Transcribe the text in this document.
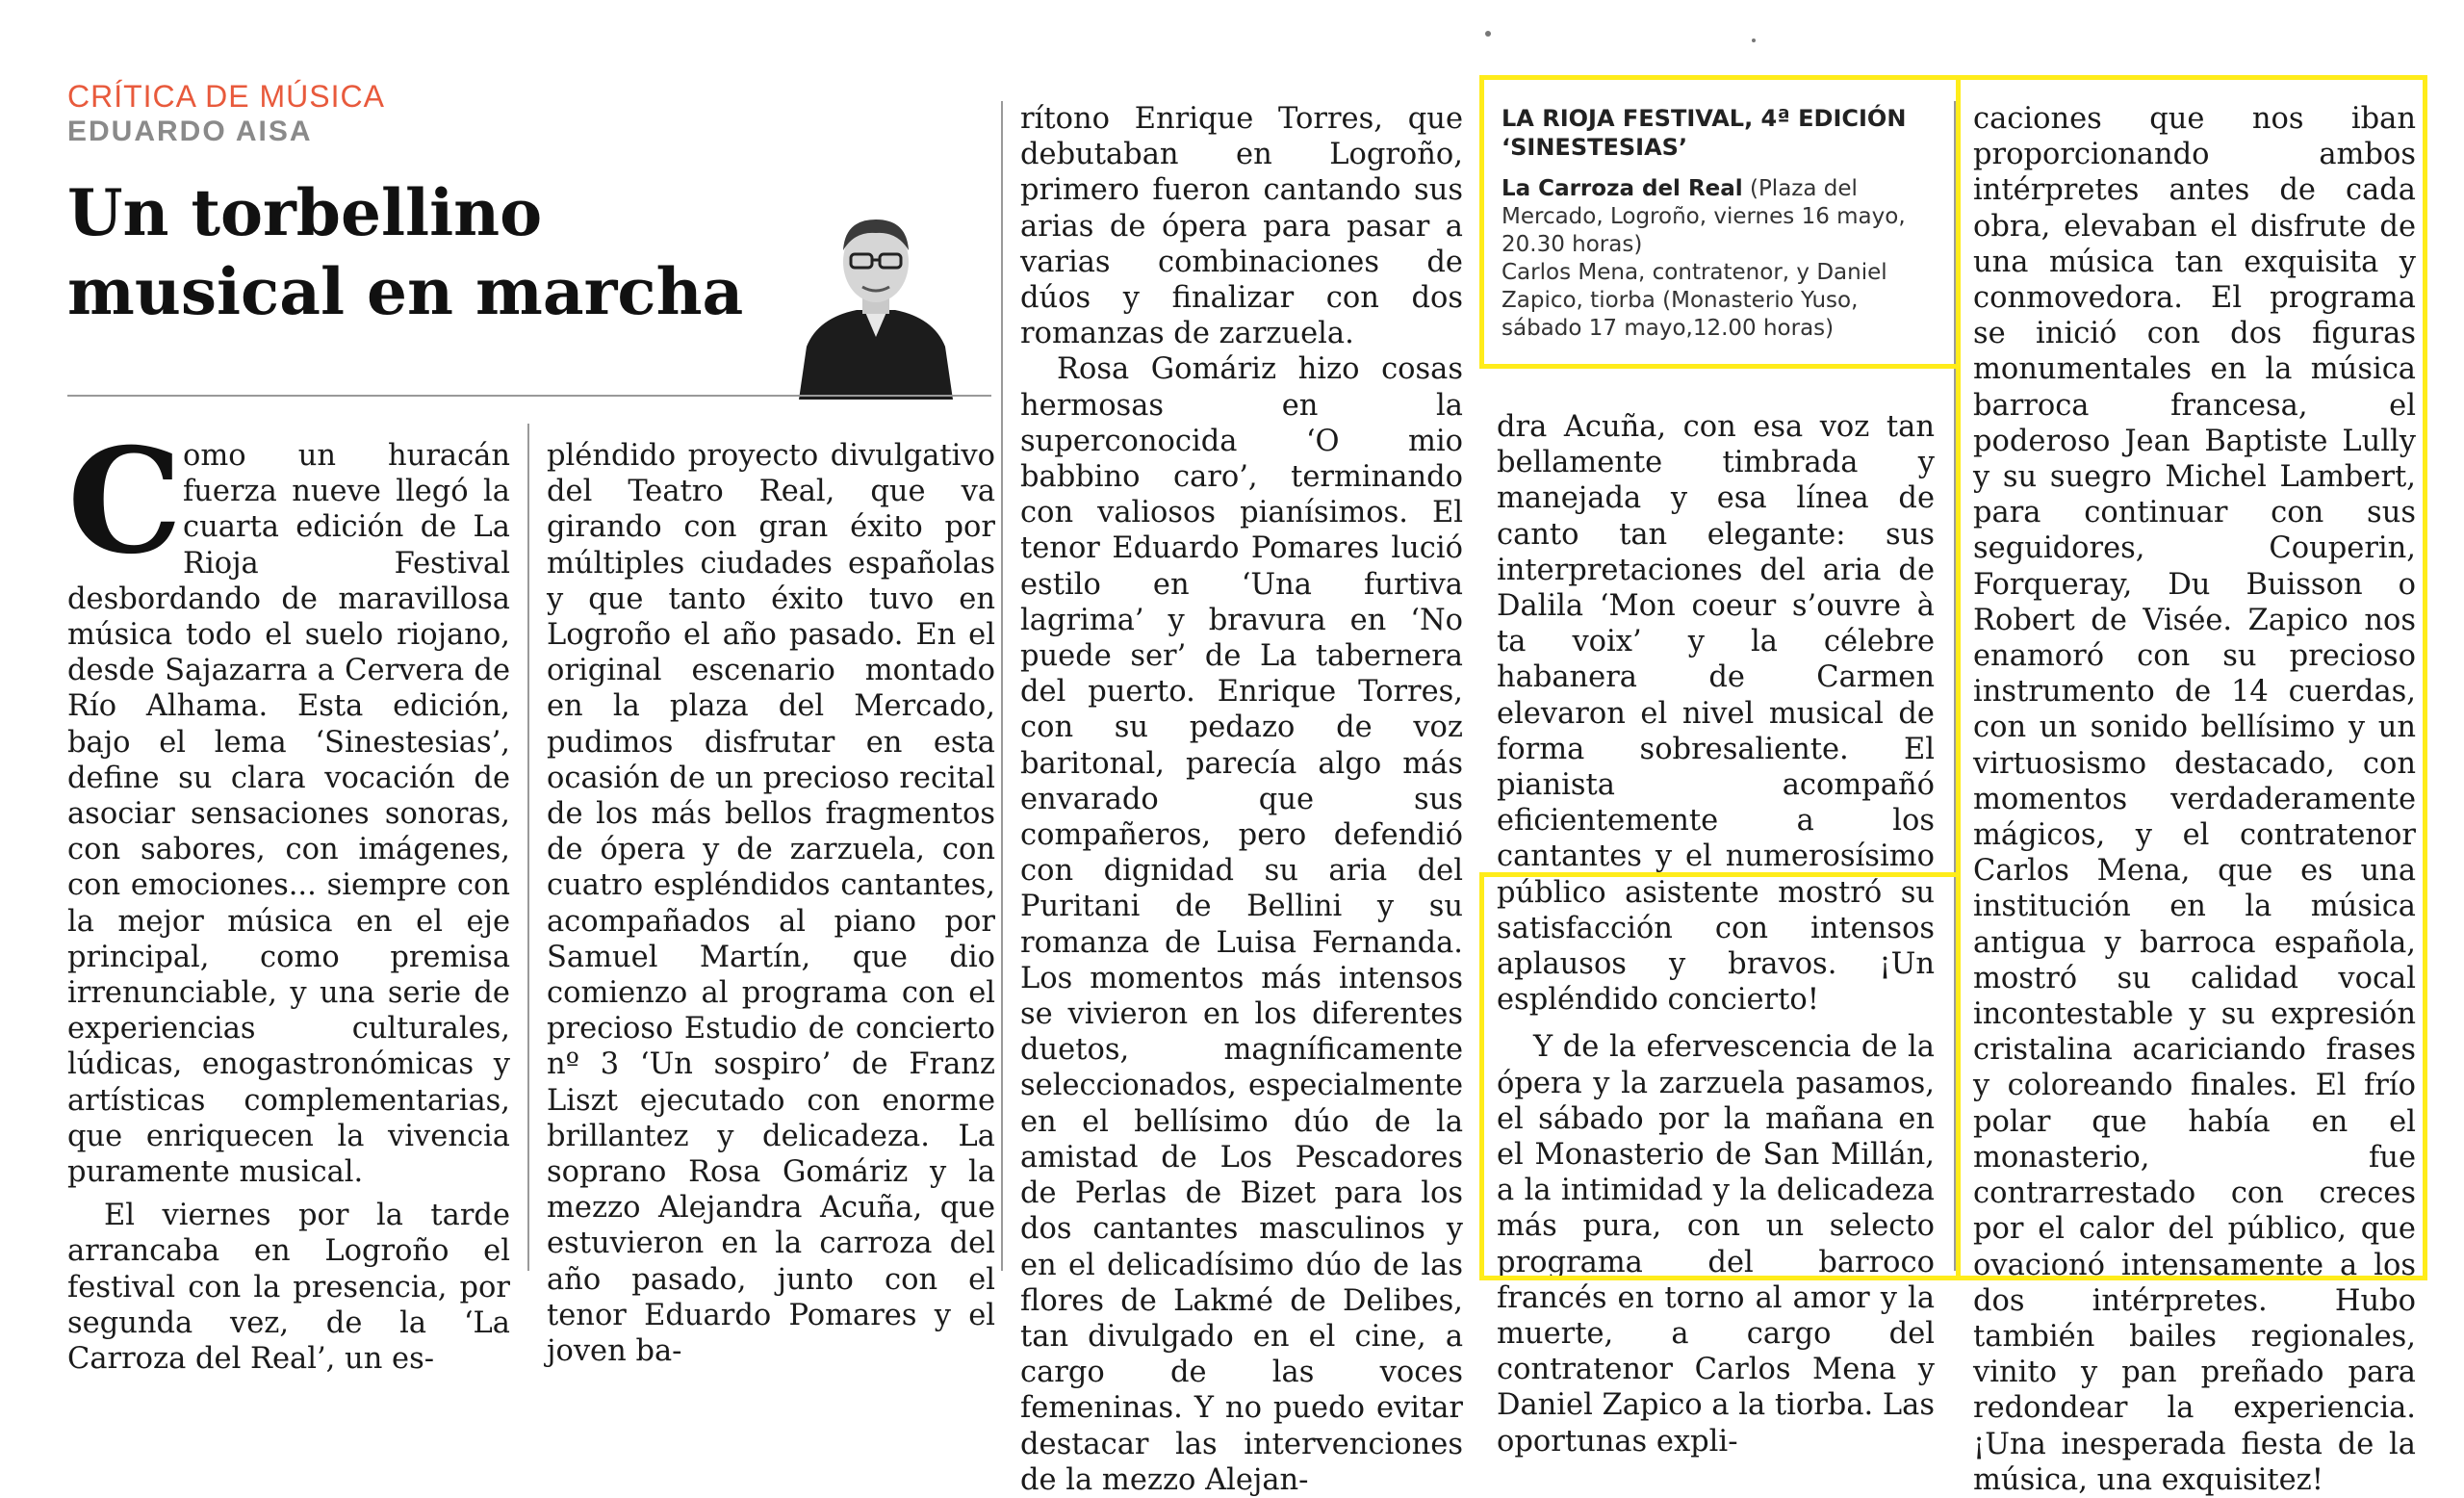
CRÍTICA DE MÚSICA
EDUARDO AISA
Un torbellino musical en marcha
C omo un huracán fuerza nueve llegó la cuarta edición de La Rioja Festival desbordando de maravillosa música todo el suelo riojano, desde Sajazarra a Cervera de Río Alhama. Esta edición, bajo el lema ‘Sinestesias’, define su clara vocación de asociar sensaciones sonoras, con sabores, con imágenes, con emociones... siempre con la mejor música en el eje principal, como premisa irrenunciable, y una serie de experiencias culturales, lúdicas, enogastronómicas y artísticas complementarias, que enriquecen la vivencia puramente musical.

El viernes por la tarde arrancaba en Logroño el festival con la presencia, por segunda vez, de la ‘La Carroza del Real’, un es-

pléndido proyecto divulgativo del Teatro Real, que va girando con gran éxito por múltiples ciudades españolas y que tanto éxito tuvo en Logroño el año pasado. En el original escenario montado en la plaza del Mercado, pudimos disfrutar en esta ocasión de un precioso recital de los más bellos fragmentos de ópera y de zarzuela, con cuatro espléndidos cantantes, acompañados al piano por Samuel Martín, que dio comienzo al programa con el precioso Estudio de concierto nº 3 ‘Un sospiro’ de Franz Liszt ejecutado con enorme brillantez y delicadeza. La soprano Rosa Gomáriz y la mezzo Alejandra Acuña, que estuvieron en la carroza del año pasado, junto con el tenor Eduardo Pomares y el joven ba-

rítono Enrique Torres, que debutaban en Logroño, primero fueron cantando sus arias de ópera para pasar a varias combinaciones de dúos y finalizar con dos romanzas de zarzuela.

Rosa Gomáriz hizo cosas hermosas en la superconocida ‘O mio babbino caro’, terminando con valiosos pianísimos. El tenor Eduardo Pomares lució estilo en ‘Una furtiva lagrima’ y bravura en ‘No puede ser’ de La tabernera del puerto. Enrique Torres, con su pedazo de voz baritonal, parecía algo más envarado que sus compañeros, pero defendió con dignidad su aria del Puritani de Bellini y su romanza de Luisa Fernanda. Los momentos más intensos se vivieron en los diferentes duetos, magníficamente seleccionados, especialmente en el bellísimo dúo de la amistad de Los Pescadores de Perlas de Bizet para los dos cantantes masculinos y en el delicadísimo dúo de las flores de Lakmé de Delibes, tan divulgado en el cine, a cargo de las voces femeninas. Y no puedo evitar destacar las intervenciones de la mezzo Alejan-

LA RIOJA FESTIVAL, 4ª EDICIÓN ‘SINESTESIAS’
La Carroza del Real (Plaza del Mercado, Logroño, viernes 16 mayo, 20.30 horas)
Carlos Mena, contratenor, y Daniel Zapico, tiorba (Monasterio Yuso, sábado 17 mayo,12.00 horas)

dra Acuña, con esa voz tan bellamente timbrada y manejada y esa línea de canto tan elegante: sus interpretaciones del aria de Dalila ‘Mon coeur s’ouvre à ta voix’ y la célebre habanera de Carmen elevaron el nivel musical de forma sobresaliente. El pianista acompañó eficientemente a los cantantes y el numerosísimo público asistente mostró su satisfacción con intensos aplausos y bravos. ¡Un espléndido concierto!

Y de la efervescencia de la ópera y la zarzuela pasamos, el sábado por la mañana en el Monasterio de San Millán, a la intimidad y la delicadeza más pura, con un selecto programa del barroco francés en torno al amor y la muerte, a cargo del contratenor Carlos Mena y Daniel Zapico a la tiorba. Las oportunas expli-

caciones que nos iban proporcionando ambos intérpretes antes de cada obra, elevaban el disfrute de una música tan exquisita y conmovedora. El programa se inició con dos figuras monumentales en la música barroca francesa, el poderoso Jean Baptiste Lully y su suegro Michel Lambert, para continuar con sus seguidores, Couperin, Forqueray, Du Buisson o Robert de Visée. Zapico nos enamoró con su precioso instrumento de 14 cuerdas, con un sonido bellísimo y un virtuosismo destacado, con momentos verdaderamente mágicos, y el contratenor Carlos Mena, que es una institución en la música antigua y barroca española, mostró su calidad vocal incontestable y su expresión cristalina acariciando frases y coloreando finales. El frío polar que había en el monasterio, fue contrarrestado con creces por el calor del público, que ovacionó intensamente a los dos intérpretes. Hubo también bailes regionales, vinito y pan preñado para redondear la experiencia. ¡Una inesperada fiesta de la música, una exquisitez!
